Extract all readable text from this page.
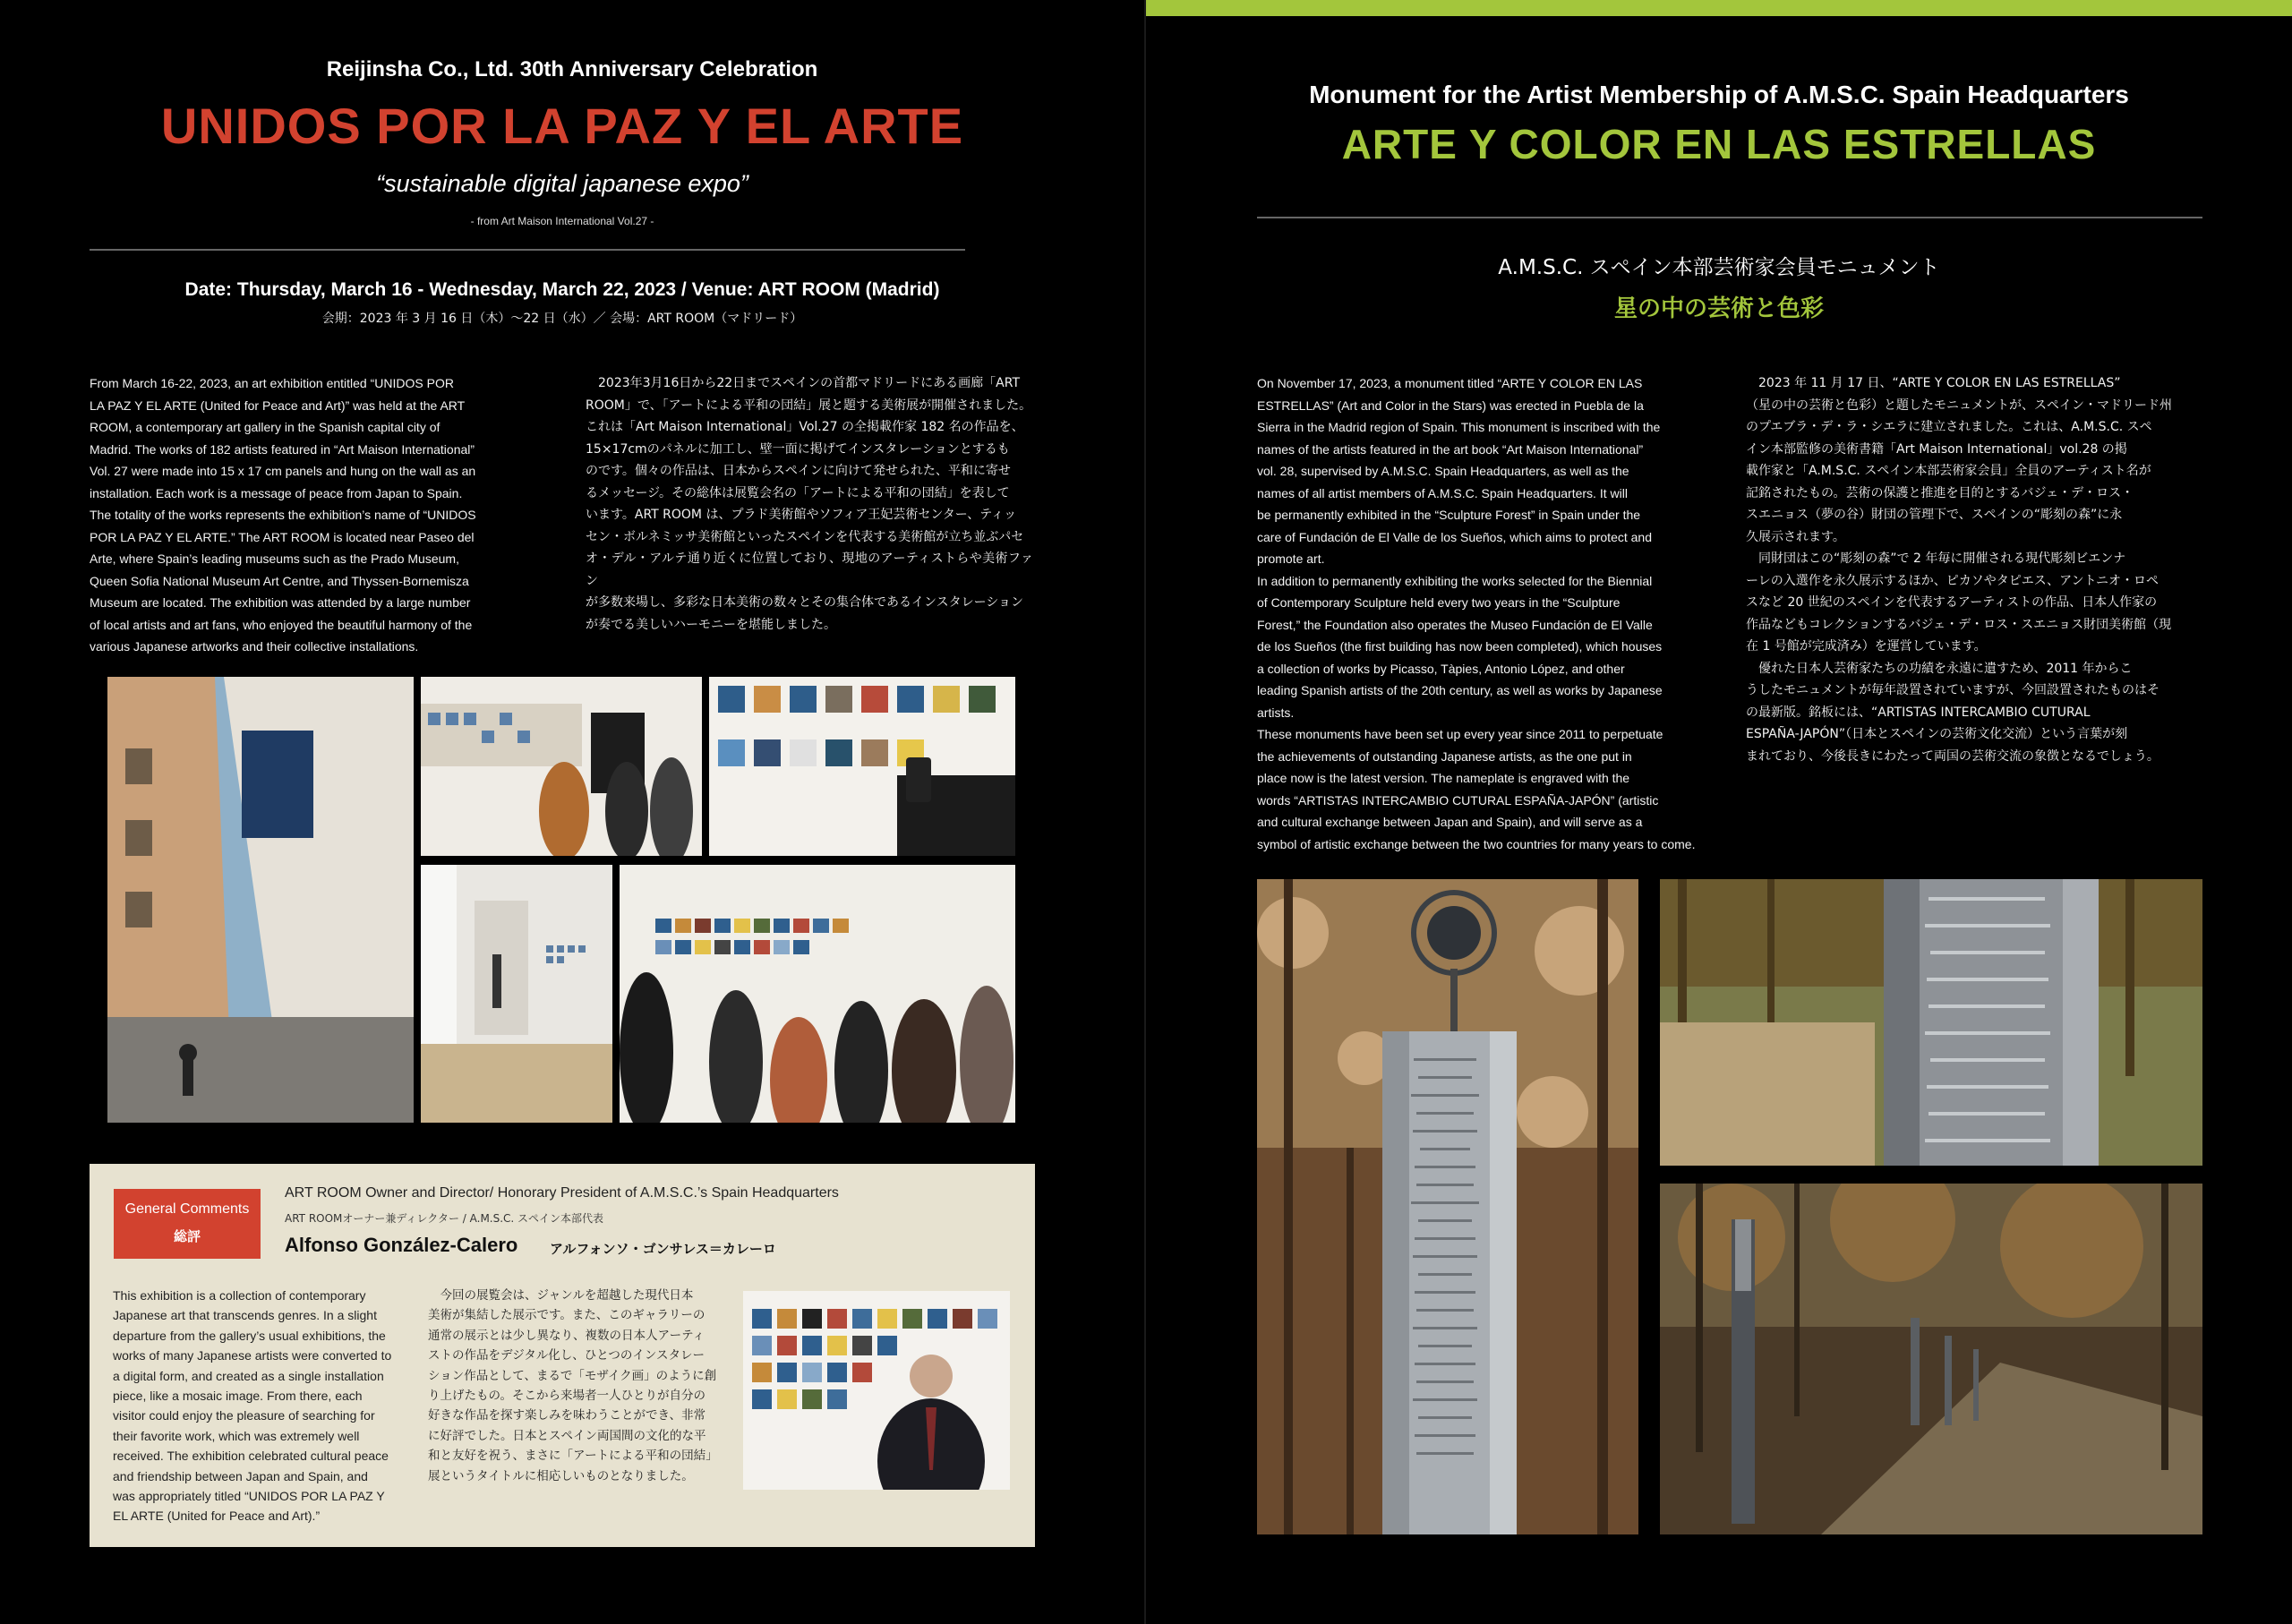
Reijinsha Co., Ltd. 30th Anniversary Celebration
UNIDOS POR LA PAZ Y EL ARTE
“sustainable digital japanese expo”
- from Art Maison International Vol.27 -
Date: Thursday, March 16 - Wednesday, March 22, 2023 / Venue: ART ROOM (Madrid)
会期：2023 年 3 月 16 日（木）～22 日（水）／ 会場：ART ROOM（マドリード）

From March 16-22, 2023, an art exhibition entitled “UNIDOS POR

LA PAZ Y EL ARTE (United for Peace and Art)” was held at the ART

ROOM, a contemporary art gallery in the Spanish capital city of

Madrid. The works of 182 artists featured in “Art Maison International”

Vol. 27 were made into 15 x 17 cm panels and hung on the wall as an

installation. Each work is a message of peace from Japan to Spain.

The totality of the works represents the exhibition’s name of “UNIDOS

POR LA PAZ Y EL ARTE.” The ART ROOM is located near Paseo del

Arte, where Spain’s leading museums such as the Prado Museum,

Queen Sofia National Museum Art Centre, and Thyssen-Bornemisza

Museum are located. The exhibition was attended by a large number

of local artists and art fans, who enjoyed the beautiful harmony of the

various Japanese artworks and their collective installations.

　2023年3月16日から22日までスペインの首都マドリードにある画廊「ART

ROOM」で、「アートによる平和の団結」展と題する美術展が開催されました。

これは「Art Maison International」Vol.27 の全掲載作家 182 名の作品を、

15×17cmのパネルに加工し、壁一面に掲げてインスタレーションとするも

のです。個々の作品は、日本からスペインに向けて発せられた、平和に寄せ

るメッセージ。その総体は展覧会名の「アートによる平和の団結」を表して

います。ART ROOM は、プラド美術館やソフィア王妃芸術センター、ティッ

セン・ボルネミッサ美術館といったスペインを代表する美術館が立ち並ぶパセ

オ・デル・アルテ通り近くに位置しており、現地のアーティストらや美術ファン

が多数来場し、多彩な日本美術の数々とその集合体であるインスタレーション

が奏でる美しいハーモニーを堪能しました。

General Comments
総評
ART ROOM Owner and Director/ Honorary President of A.M.S.C.’s Spain Headquarters
ART ROOMオーナー兼ディレクター / A.M.S.C. スペイン本部代表
Alfonso González-Calero アルフォンソ・ゴンサレス＝カレーロ

This exhibition is a collection of contemporary

Japanese art that transcends genres. In a slight

departure from the gallery’s usual exhibitions, the

works of many Japanese artists were converted to

a digital form, and created as a single installation

piece, like a mosaic image. From there, each

visitor could enjoy the pleasure of searching for

their favorite work, which was extremely well

received. The exhibition celebrated cultural peace

and friendship between Japan and Spain, and

was appropriately titled “UNIDOS POR LA PAZ Y

EL ARTE (United for Peace and Art).”

　今回の展覧会は、ジャンルを超越した現代日本

美術が集結した展示です。また、このギャラリーの

通常の展示とは少し異なり、複数の日本人アーティ

ストの作品をデジタル化し、ひとつのインスタレー

ション作品として、まるで「モザイク画」のように創

り上げたもの。そこから来場者一人ひとりが自分の

好きな作品を探す楽しみを味わうことができ、非常

に好評でした。日本とスペイン両国間の文化的な平

和と友好を祝う、まさに「アートによる平和の団結」

展というタイトルに相応しいものとなりました。

Monument for the Artist Membership of A.M.S.C. Spain Headquarters
ARTE Y COLOR EN LAS ESTRELLAS
A.M.S.C. スペイン本部芸術家会員モニュメント
星の中の芸術と色彩

On November 17, 2023, a monument titled “ARTE Y COLOR EN LAS

ESTRELLAS” (Art and Color in the Stars) was erected in Puebla de la

Sierra in the Madrid region of Spain. This monument is inscribed with the

names of the artists featured in the art book “Art Maison International”

vol. 28, supervised by A.M.S.C. Spain Headquarters, as well as the

names of all artist members of A.M.S.C. Spain Headquarters. It will

be permanently exhibited in the “Sculpture Forest” in Spain under the

care of Fundación de El Valle de los Sueños, which aims to protect and

promote art.

In addition to permanently exhibiting the works selected for the Biennial

of Contemporary Sculpture held every two years in the “Sculpture

Forest,” the Foundation also operates the Museo Fundación de El Valle

de los Sueños (the first building has now been completed), which houses

a collection of works by Picasso, Tàpies, Antonio López, and other

leading Spanish artists of the 20th century, as well as works by Japanese

artists.

These monuments have been set up every year since 2011 to perpetuate

the achievements of outstanding Japanese artists, as the one put in

place now is the latest version. The nameplate is engraved with the

words “ARTISTAS INTERCAMBIO CUTURAL ESPAÑA-JAPÓN” (artistic

and cultural exchange between Japan and Spain), and will serve as a

symbol of artistic exchange between the two countries for many years to come.

　2023 年 11 月 17 日、“ARTE Y COLOR EN LAS ESTRELLAS”

（星の中の芸術と色彩）と題したモニュメントが、スペイン・マドリード州

のプエブラ・デ・ラ・シエラに建立されました。これは、A.M.S.C. スペ

イン本部監修の美術書籍「Art Maison International」vol.28 の掲

載作家と「A.M.S.C. スペイン本部芸術家会員」全員のアーティスト名が

記銘されたもの。芸術の保護と推進を目的とするバジェ・デ・ロス・

スエニョス（夢の谷）財団の管理下で、スペインの“彫刻の森”に永

久展示されます。

　同財団はこの“彫刻の森”で 2 年毎に開催される現代彫刻ビエンナ

ーレの入選作を永久展示するほか、ピカソやタピエス、アントニオ・ロペ

スなど 20 世紀のスペインを代表するアーティストの作品、日本人作家の

作品などもコレクションするバジェ・デ・ロス・スエニョス財団美術館（現

在 1 号館が完成済み）を運営しています。

　優れた日本人芸術家たちの功績を永遠に遺すため、2011 年からこ

うしたモニュメントが毎年設置されていますが、今回設置されたものはそ

の最新版。銘板には、“ARTISTAS INTERCAMBIO CUTURAL

ESPAÑA-JAPÓN”（日本とスペインの芸術文化交流）という言葉が刻

まれており、今後長きにわたって両国の芸術交流の象徴となるでしょう。
